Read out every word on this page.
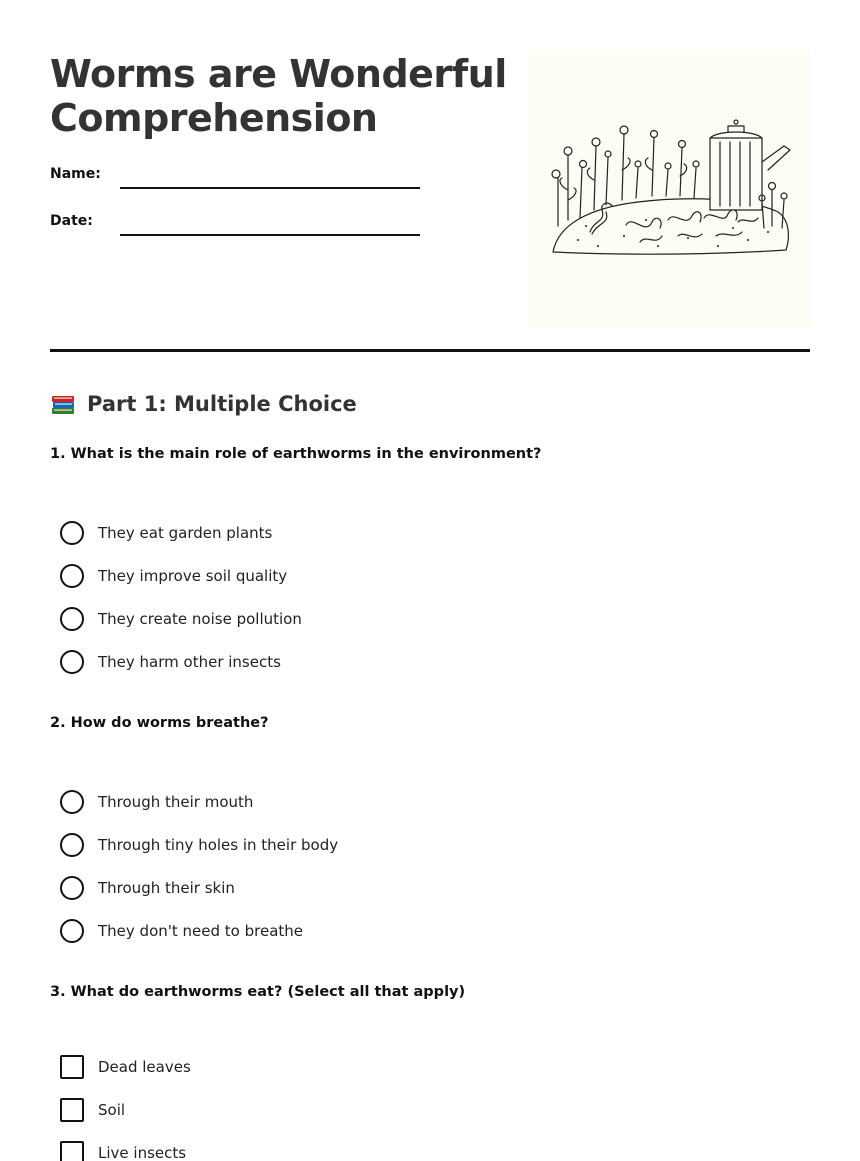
Worms are Wonderful Comprehension
Name:
Date:
Part 1: Multiple Choice
1. What is the main role of earthworms in the environment?
They eat garden plants
They improve soil quality
They create noise pollution
They harm other insects
2. How do worms breathe?
Through their mouth
Through tiny holes in their body
Through their skin
They don't need to breathe
3. What do earthworms eat? (Select all that apply)
Dead leaves
Soil
Live insects
